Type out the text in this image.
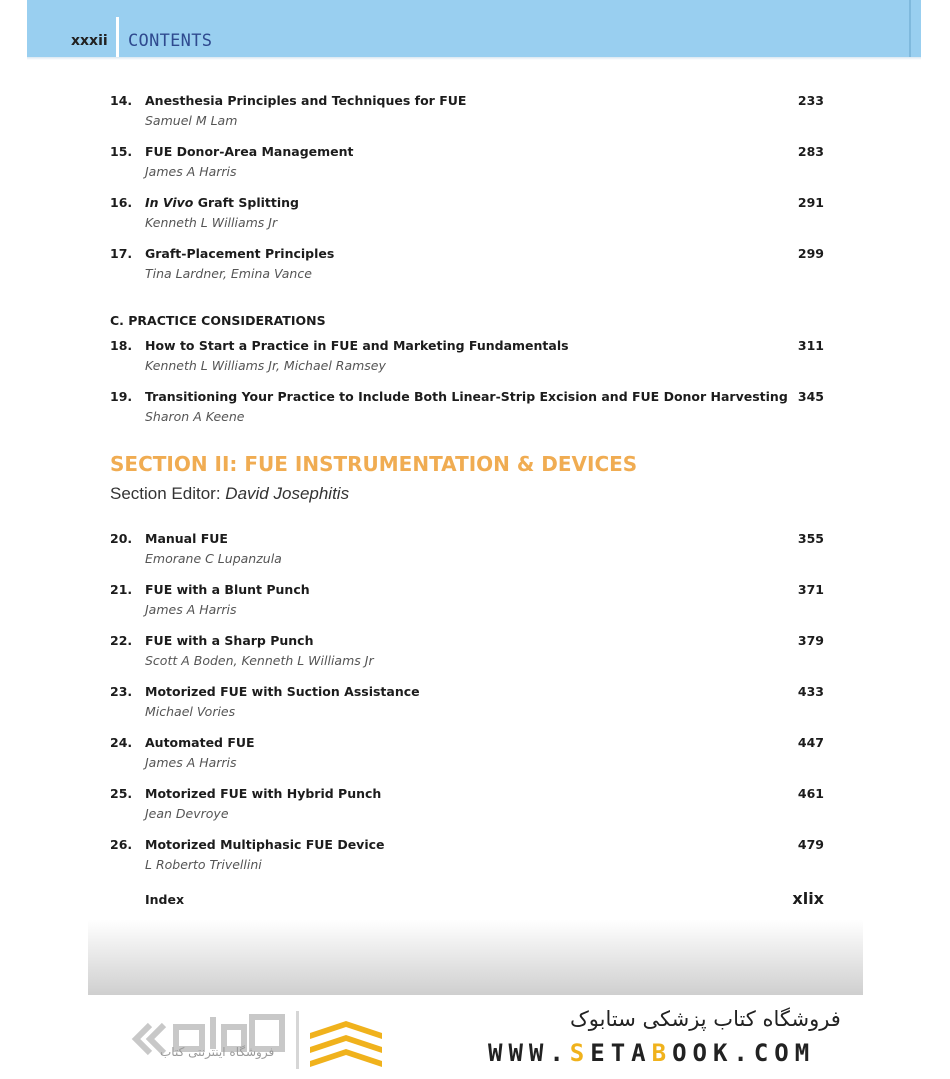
xxxii CONTENTS
14. Anesthesia Principles and Techniques for FUE
Samuel M Lam
233
15. FUE Donor-Area Management
James A Harris
283
16. In Vivo Graft Splitting
Kenneth L Williams Jr
291
17. Graft-Placement Principles
Tina Lardner, Emina Vance
299
C. PRACTICE CONSIDERATIONS
18. How to Start a Practice in FUE and Marketing Fundamentals
Kenneth L Williams Jr, Michael Ramsey
311
19. Transitioning Your Practice to Include Both Linear-Strip Excision and FUE Donor Harvesting
Sharon A Keene
345
SECTION II: FUE INSTRUMENTATION & DEVICES
Section Editor: David Josephitis
20. Manual FUE
Emorane C Lupanzula
355
21. FUE with a Blunt Punch
James A Harris
371
22. FUE with a Sharp Punch
Scott A Boden, Kenneth L Williams Jr
379
23. Motorized FUE with Suction Assistance
Michael Vories
433
24. Automated FUE
James A Harris
447
25. Motorized FUE with Hybrid Punch
Jean Devroye
461
26. Motorized Multiphasic FUE Device
L Roberto Trivellini
479
Index	xlix
فروشگاه اینترنتی کتاب
فروشگاه کتاب پزشکی ستابوک
WWW.SETABOOK.COM
